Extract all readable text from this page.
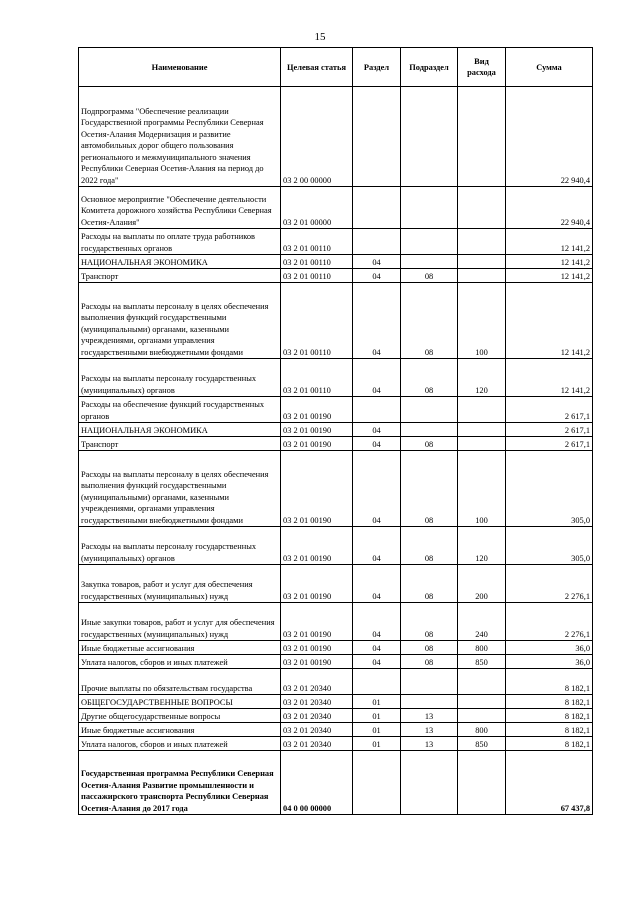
15
Наименование	Целевая статья	Раздел	Подраздел	Вид расхода	Сумма
Подпрограмма "Обеспечение реализации Государственной программы Республики Северная Осетия-Алания Модернизация и развитие автомобильных дорог общего пользования регионального и межмуниципального значения Республики Северная Осетия-Алания на период до 2022 года"	03 2 00 00000				22 940,4
Основное мероприятие "Обеспечение деятельности Комитета дорожного хозяйства Республики Северная Осетия-Алания"	03 2 01 00000				22 940,4
Расходы на выплаты по оплате труда работников государственных органов	03 2 01 00110				12 141,2
НАЦИОНАЛЬНАЯ ЭКОНОМИКА	03 2 01 00110	04			12 141,2
Транспорт	03 2 01 00110	04	08		12 141,2
Расходы на выплаты персоналу в целях обеспечения выполнения функций государственными (муниципальными) органами, казенными учреждениями, органами управления государственными внебюджетными фондами	03 2 01 00110	04	08	100	12 141,2
Расходы на выплаты персоналу государственных (муниципальных) органов	03 2 01 00110	04	08	120	12 141,2
Расходы на обеспечение функций государственных органов	03 2 01 00190				2 617,1
НАЦИОНАЛЬНАЯ ЭКОНОМИКА	03 2 01 00190	04			2 617,1
Транспорт	03 2 01 00190	04	08		2 617,1
Расходы на выплаты персоналу в целях обеспечения выполнения функций государственными (муниципальными) органами, казенными учреждениями, органами управления государственными внебюджетными фондами	03 2 01 00190	04	08	100	305,0
Расходы на выплаты персоналу государственных (муниципальных) органов	03 2 01 00190	04	08	120	305,0
Закупка товаров, работ и услуг для обеспечения государственных (муниципальных) нужд	03 2 01 00190	04	08	200	2 276,1
Иные закупки товаров, работ и услуг для обеспечения государственных (муниципальных) нужд	03 2 01 00190	04	08	240	2 276,1
Иные бюджетные ассигнования	03 2 01 00190	04	08	800	36,0
Уплата налогов, сборов и иных платежей	03 2 01 00190	04	08	850	36,0
Прочие выплаты по обязательствам государства	03 2 01 20340				8 182,1
ОБЩЕГОСУДАРСТВЕННЫЕ ВОПРОСЫ	03 2 01 20340	01			8 182,1
Другие общегосударственные вопросы	03 2 01 20340	01	13		8 182,1
Иные бюджетные ассигнования	03 2 01 20340	01	13	800	8 182,1
Уплата налогов, сборов и иных платежей	03 2 01 20340	01	13	850	8 182,1
Государственная программа Республики Северная Осетия-Алания Развитие промышленности и пассажирского транспорта Республики Северная Осетия-Алания до 2017 года	04 0 00 00000				67 437,8
